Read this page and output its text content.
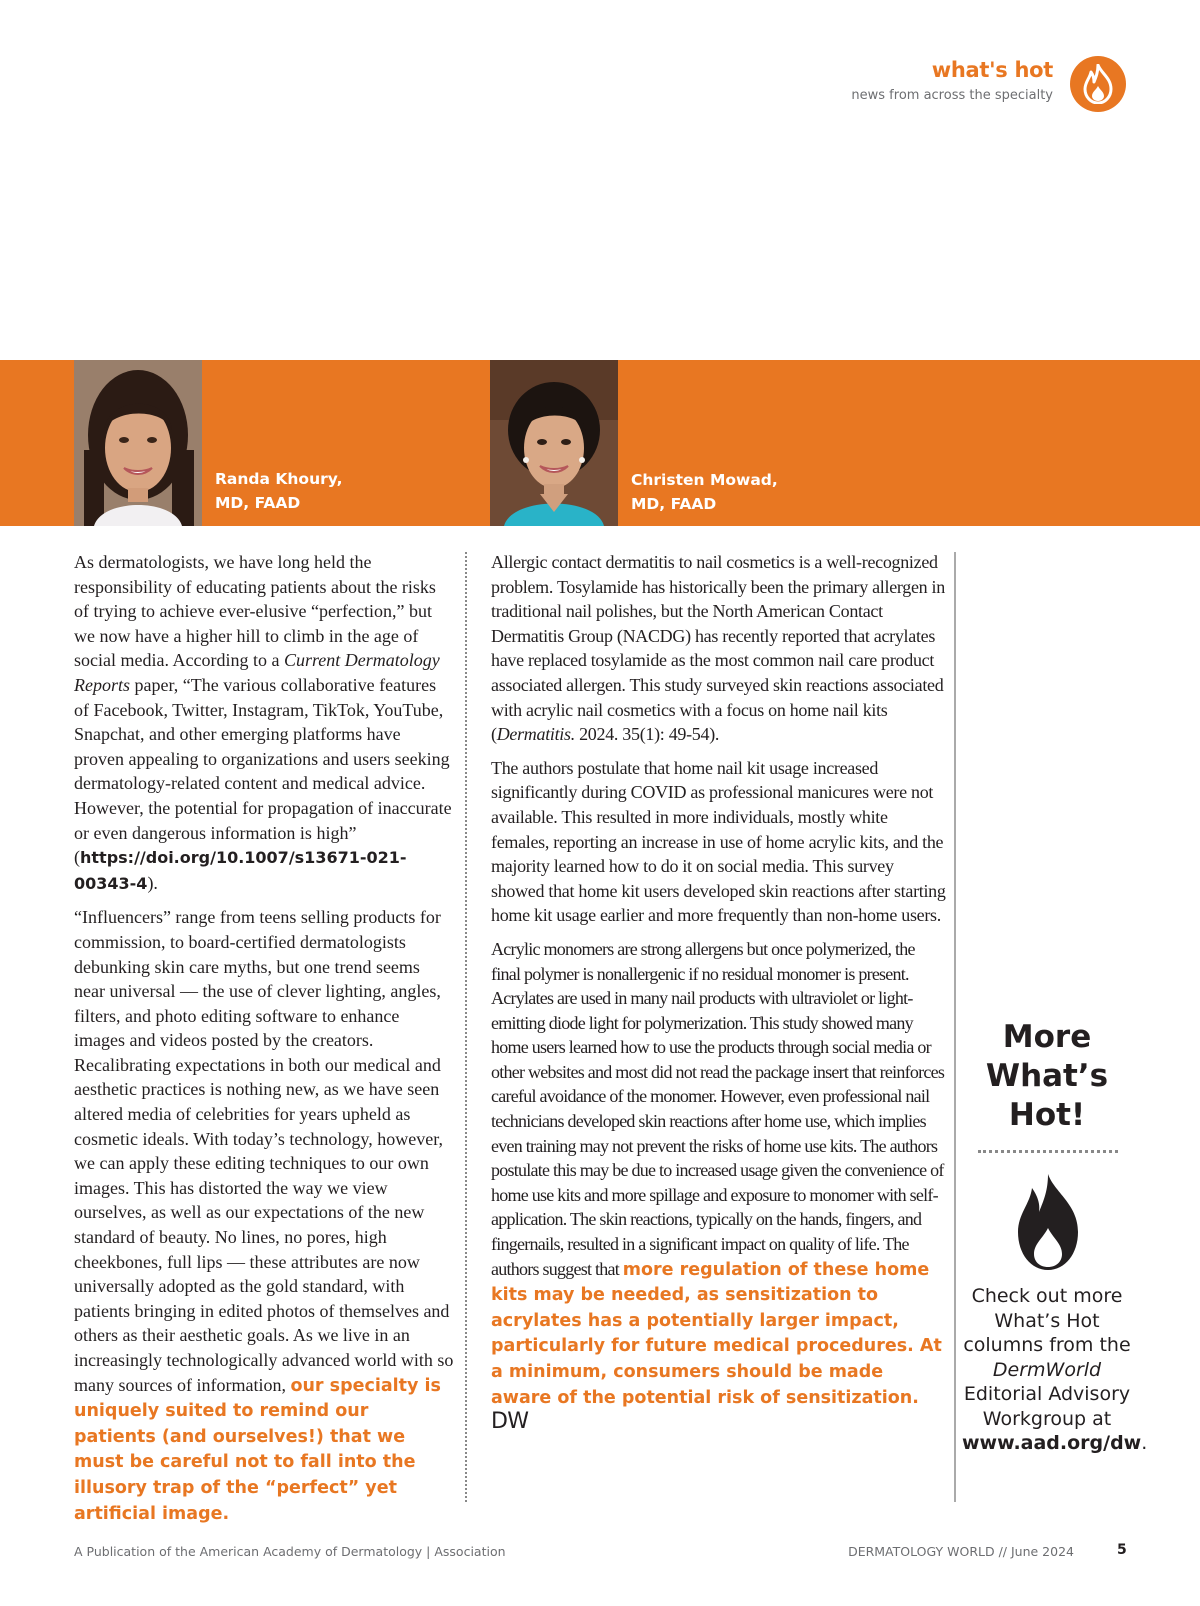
what's hot
news from across the specialty
Randa Khoury,
MD, FAAD
Christen Mowad,
MD, FAAD

As dermatologists, we have long held the responsibility of educating patients about the risks of trying to achieve ever-elusive “perfection,” but we now have a higher hill to climb in the age of social media. According to a Current Dermatology Reports paper, “The various collaborative features of Facebook, Twitter, Instagram, TikTok, YouTube, Snapchat, and other emerging platforms have proven appealing to organizations and users seeking dermatology-related content and medical advice. However, the potential for propagation of inaccurate or even dangerous information is high” (https://doi.org/10.1007/s13671-021-00343-4).

“Influencers” range from teens selling products for commission, to board-certified dermatologists debunking skin care myths, but one trend seems near universal — the use of clever lighting, angles, filters, and photo editing software to enhance images and videos posted by the creators. Recalibrating expectations in both our medical and aesthetic practices is nothing new, as we have seen altered media of celebrities for years upheld as cosmetic ideals. With today’s technology, however, we can apply these editing techniques to our own images. This has distorted the way we view ourselves, as well as our expectations of the new standard of beauty. No lines, no pores, high cheekbones, full lips — these attributes are now universally adopted as the gold standard, with patients bringing in edited photos of themselves and others as their aesthetic goals. As we live in an increasingly technologically advanced world with so many sources of information, our specialty is uniquely suited to remind our patients (and ourselves!) that we must be careful not to fall into the illusory trap of the “perfect” yet artificial image.

Allergic contact dermatitis to nail cosmetics is a well-recognized problem. Tosylamide has historically been the primary allergen in traditional nail polishes, but the North American Contact Dermatitis Group (NACDG) has recently reported that acrylates have replaced tosylamide as the most common nail care product associated allergen. This study surveyed skin reactions associated with acrylic nail cosmetics with a focus on home nail kits (Dermatitis. 2024. 35(1): 49-54).

The authors postulate that home nail kit usage increased significantly during COVID as professional manicures were not available. This resulted in more individuals, mostly white females, reporting an increase in use of home acrylic kits, and the majority learned how to do it on social media. This survey showed that home kit users developed skin reactions after starting home kit usage earlier and more frequently than non-home users.

Acrylic monomers are strong allergens but once polymerized, the final polymer is nonallergenic if no residual monomer is present. Acrylates are used in many nail products with ultraviolet or light-emitting diode light for polymerization. This study showed many home users learned how to use the products through social media or other websites and most did not read the package insert that reinforces careful avoidance of the monomer. However, even professional nail technicians developed skin reactions after home use, which implies even training may not prevent the risks of home use kits. The authors postulate this may be due to increased usage given the convenience of home use kits and more spillage and exposure to monomer with self-application. The skin reactions, typically on the hands, fingers, and fingernails, resulted in a significant impact on quality of life. The authors suggest that more regulation of these home kits may be needed, as sensitization to acrylates has a potentially larger impact, particularly for future medical procedures. At a minimum, consumers should be made aware of the potential risk of sensitization. DW

More
What’s
Hot!
Check out more What’s Hot columns from the DermWorld Editorial Advisory Workgroup at www.aad.org/dw.
A Publication of the American Academy of Dermatology | Association	DERMATOLOGY WORLD // June 2024	5
